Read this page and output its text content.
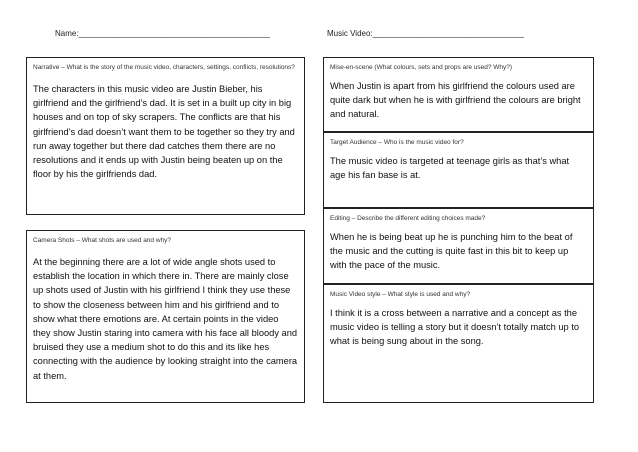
Name:___________________________________________	Music Video:__________________________________
Narrative – What is the story of the music video, characters, settings, conflicts, resolutions?
The characters in this music video are Justin Bieber, his girlfriend and the girlfriend’s dad. It is set in a built up city in big houses and on top of sky scrapers. The conflicts are that his girlfriend’s dad doesn’t want them to be together so they try and run away together but there dad catches them there are no resolutions and it ends up with Justin being beaten up on the floor by his the girlfriends dad.
Camera Shots – What shots are used and why?
At the beginning there are a lot of wide angle shots used to establish the location in which there in. There are mainly close up shots used of Justin with his girlfriend I think they use these to show the closeness between him and his girlfriend and to show what there emotions are. At certain points in the video they show Justin staring into camera with his face all bloody and bruised they use a medium shot to do this and its like hes connecting with the audience by looking straight into the camera at them.
Mise-en-scene (What colours, sets and props are used? Why?)
When Justin is apart from his girlfriend the colours used are quite dark but when he is with girlfriend the colours are bright and natural.
Target Audience – Who is the music video for?
The music video is targeted at teenage girls as that’s what age his fan base is at.
Editing – Describe the different editing choices made?
When he is being beat up he is punching him to the beat of the music and the cutting is quite fast in this bit to keep up with the pace of the music.
Music Video style – What style is used and why?
I think it is a cross between a narrative and a concept as the music video is telling a story but it doesn’t totally match up to what is being sung about in the song.
